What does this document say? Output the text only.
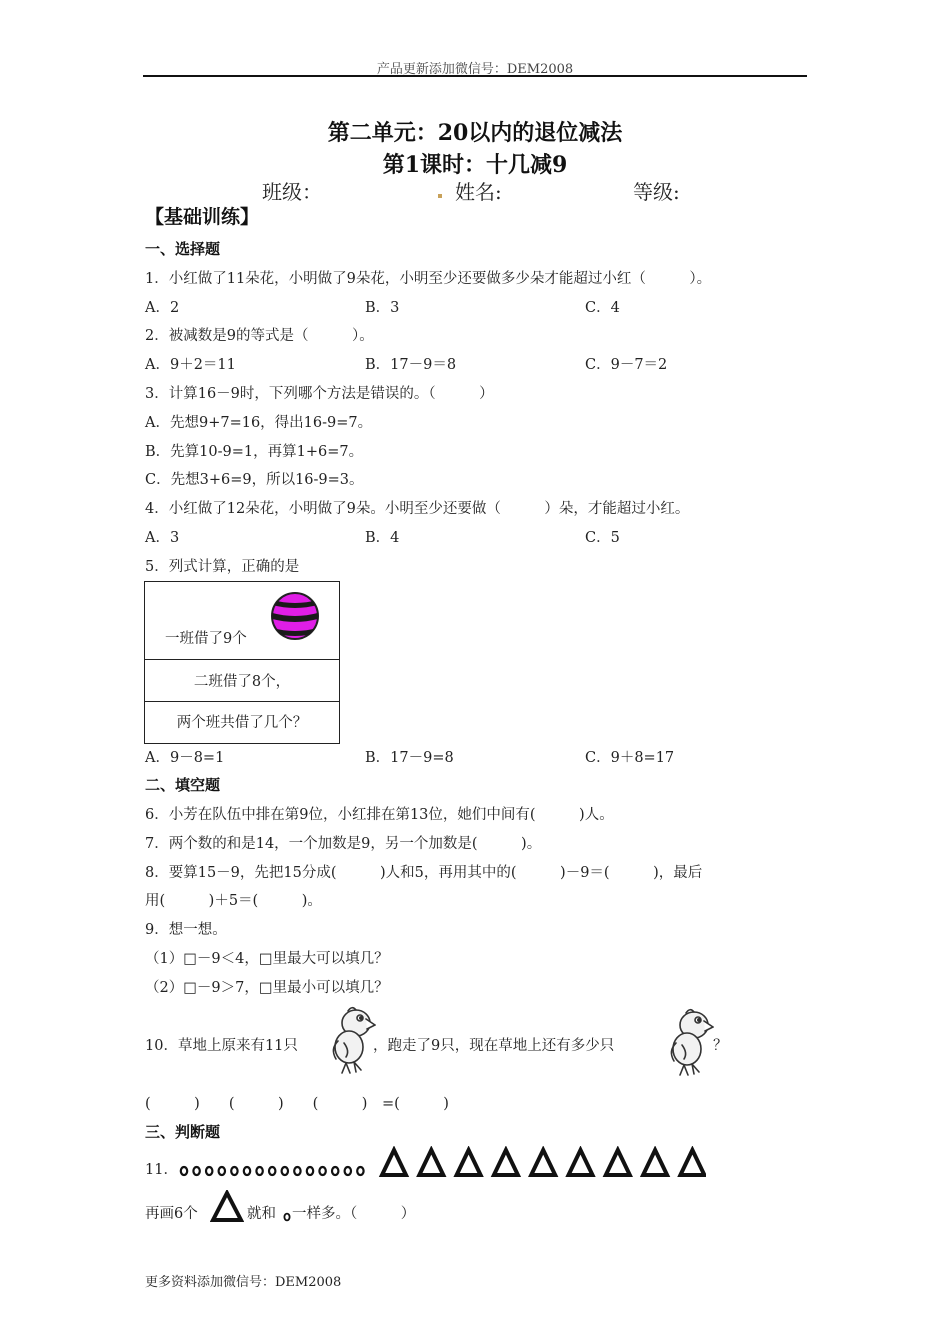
产品更新添加微信号：DEM2008
第二单元：20以内的退位减法
第1课时：十几减9
班级：	姓名:	等级:
【基础训练】
一、选择题
1．小红做了11朵花，小明做了9朵花，小明至少还要做多少朵才能超过小红（　　　）。
A．2	B．3	C．4
2．被减数是9的等式是（　　　）。
A．9＋2＝11	B．17－9＝8	C．9－7＝2
3．计算16－9时，下列哪个方法是错误的。（　　　）
A．先想9+7=16，得出16-9=7。
B．先算10-9=1，再算1+6=7。
C．先想3+6=9，所以16-9=3。
4．小红做了12朵花，小明做了9朵。小明至少还要做（　　　）朵，才能超过小红。
A．3	B．4	C．5
5．列式计算，正确的是
一班借了9个
二班借了8个，
两个班共借了几个？
A．9－8=1	B．17－9=8	C．9＋8=17
二、填空题
6．小芳在队伍中排在第9位，小红排在第13位，她们中间有(　　　)人。
7．两个数的和是14，一个加数是9，另一个加数是(　　　)。
8．要算15－9，先把15分成(　　　)人和5，再用其中的(　　　)－9＝(　　　)，最后
用(　　　)＋5＝(　　　)。
9．想一想。
（1）□－9＜4，□里最大可以填几？
（2）□－9＞7，□里最小可以填几？
10．草地上原来有11只	，跑走了9只，现在草地上还有多少只	？
(　　　)　　(　　　)　　(　　　)　=(　　　)
三、判断题
11．
再画6个	就和 一样多。（　　　）
更多资料添加微信号：DEM2008
